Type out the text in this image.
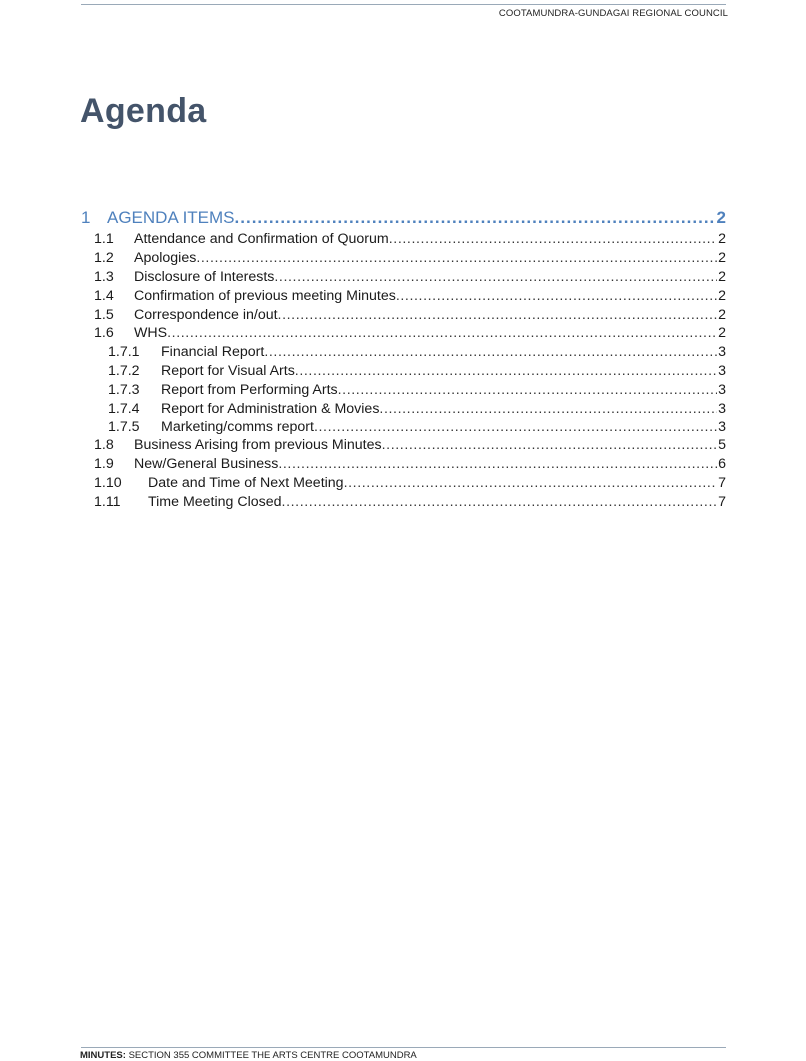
COOTAMUNDRA-GUNDAGAI REGIONAL COUNCIL
Agenda
1 AGENDA ITEMS .....	2
1.1	Attendance and Confirmation of Quorum .....	2
1.2	Apologies .....	2
1.3	Disclosure of Interests .....	2
1.4	Confirmation of previous meeting Minutes .....	2
1.5	Correspondence in/out .....	2
1.6	WHS .....	2
1.7.1	Financial Report .....	3
1.7.2	Report for Visual Arts .....	3
1.7.3	Report from Performing Arts .....	3
1.7.4	Report for Administration & Movies .....	3
1.7.5	Marketing/comms report .....	3
1.8	Business Arising from previous Minutes .....	5
1.9	New/General Business .....	6
1.10	Date and Time of Next Meeting .....	7
1.11	Time Meeting Closed .....	7
MINUTES: SECTION 355 COMMITTEE THE ARTS CENTRE COOTAMUNDRA
